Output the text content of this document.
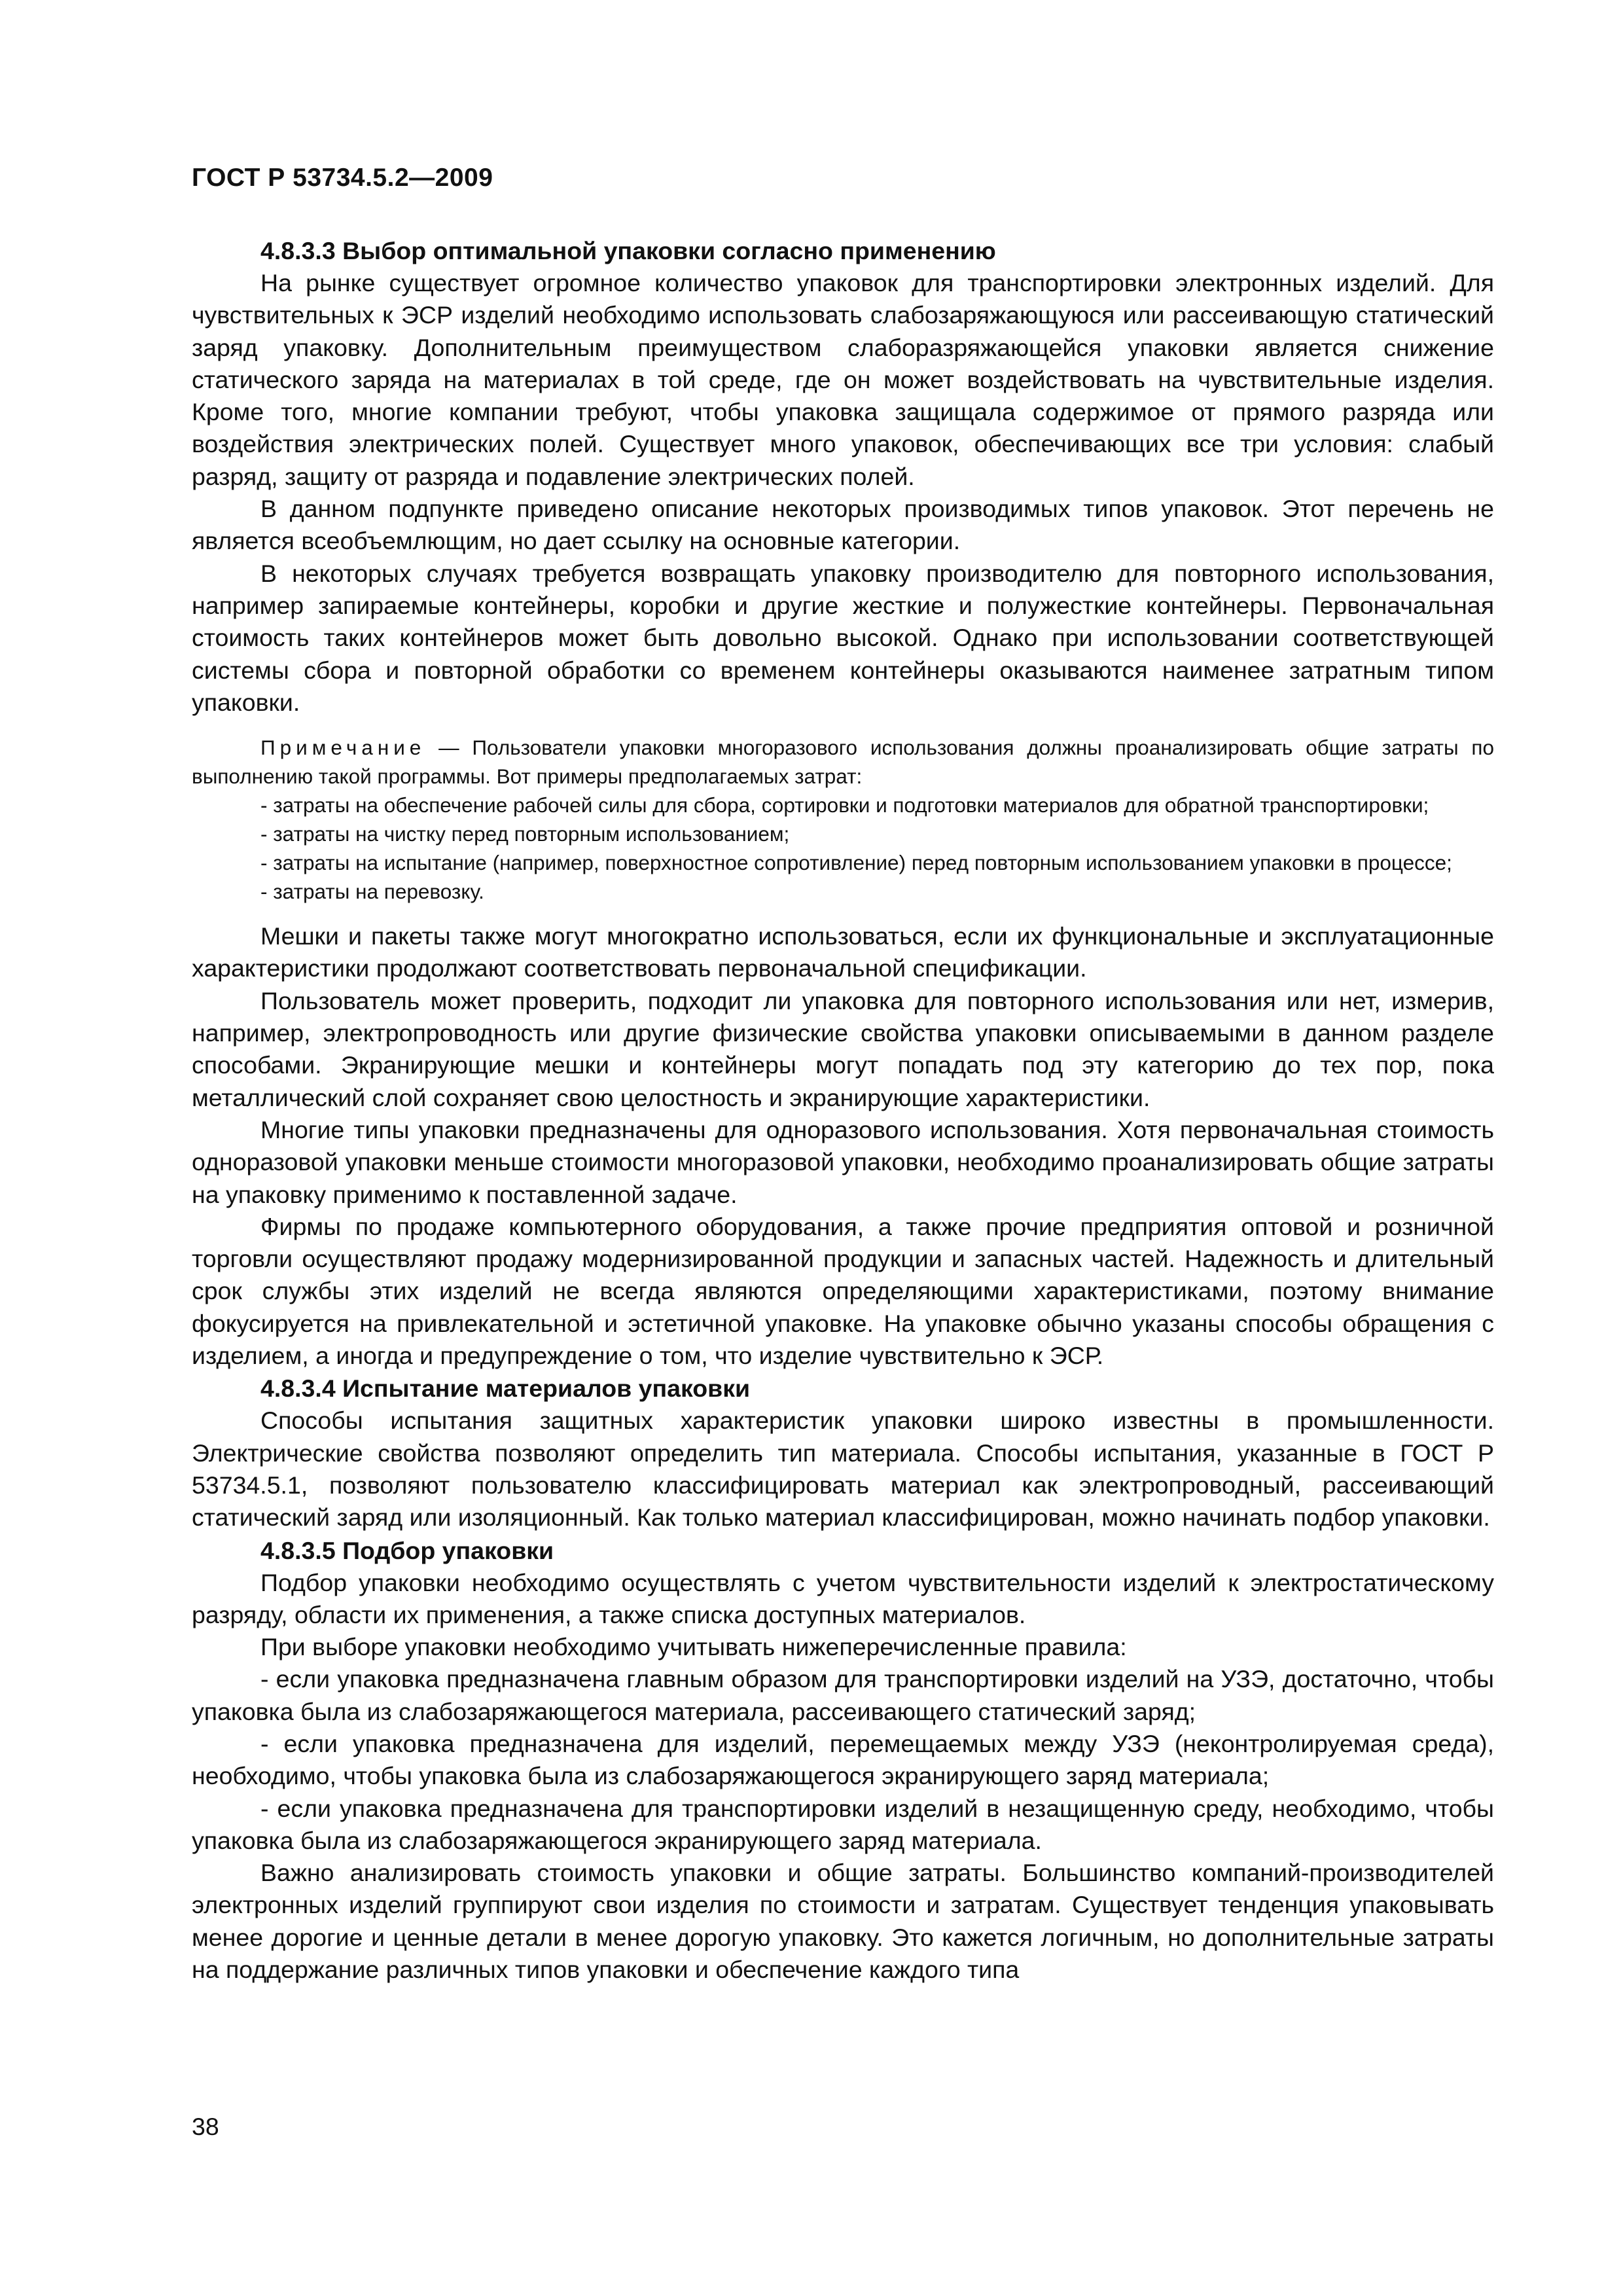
ГОСТ Р 53734.5.2—2009

4.8.3.3 Выбор оптимальной упаковки согласно применению

На рынке существует огромное количество упаковок для транспортировки электронных изделий. Для чувствительных к ЭСР изделий необходимо использовать слабозаряжающуюся или рассеивающую статический заряд упаковку. Дополнительным преимуществом слаборазряжающейся упаковки является снижение статического заряда на материалах в той среде, где он может воздействовать на чувствительные изделия. Кроме того, многие компании требуют, чтобы упаковка защищала содержимое от прямого разряда или воздействия электрических полей. Существует много упаковок, обеспечивающих все три условия: слабый разряд, защиту от разряда и подавление электрических полей.

В данном подпункте приведено описание некоторых производимых типов упаковок. Этот перечень не является всеобъемлющим, но дает ссылку на основные категории.

В некоторых случаях требуется возвращать упаковку производителю для повторного использования, например запираемые контейнеры, коробки и другие жесткие и полужесткие контейнеры. Первоначальная стоимость таких контейнеров может быть довольно высокой. Однако при использовании соответствующей системы сбора и повторной обработки со временем контейнеры оказываются наименее затратным типом упаковки.

Примечание — Пользователи упаковки многоразового использования должны проанализировать общие затраты по выполнению такой программы. Вот примеры предполагаемых затрат:

- затраты на обеспечение рабочей силы для сбора, сортировки и подготовки материалов для обратной транспортировки;

- затраты на чистку перед повторным использованием;

- затраты на испытание (например, поверхностное сопротивление) перед повторным использованием упаковки в процессе;

- затраты на перевозку.

Мешки и пакеты также могут многократно использоваться, если их функциональные и эксплуатационные характеристики продолжают соответствовать первоначальной спецификации.

Пользователь может проверить, подходит ли упаковка для повторного использования или нет, измерив, например, электропроводность или другие физические свойства упаковки описываемыми в данном разделе способами. Экранирующие мешки и контейнеры могут попадать под эту категорию до тех пор, пока металлический слой сохраняет свою целостность и экранирующие характеристики.

Многие типы упаковки предназначены для одноразового использования. Хотя первоначальная стоимость одноразовой упаковки меньше стоимости многоразовой упаковки, необходимо проанализировать общие затраты на упаковку применимо к поставленной задаче.

Фирмы по продаже компьютерного оборудования, а также прочие предприятия оптовой и розничной торговли осуществляют продажу модернизированной продукции и запасных частей. Надежность и длительный срок службы этих изделий не всегда являются определяющими характеристиками, поэтому внимание фокусируется на привлекательной и эстетичной упаковке. На упаковке обычно указаны способы обращения с изделием, а иногда и предупреждение о том, что изделие чувствительно к ЭСР.

4.8.3.4 Испытание материалов упаковки

Способы испытания защитных характеристик упаковки широко известны в промышленности. Электрические свойства позволяют определить тип материала. Способы испытания, указанные в ГОСТ Р 53734.5.1, позволяют пользователю классифицировать материал как электропроводный, рассеивающий статический заряд или изоляционный. Как только материал классифицирован, можно начинать подбор упаковки.

4.8.3.5 Подбор упаковки

Подбор упаковки необходимо осуществлять с учетом чувствительности изделий к электростатическому разряду, области их применения, а также списка доступных материалов.

При выборе упаковки необходимо учитывать нижеперечисленные правила:

- если упаковка предназначена главным образом для транспортировки изделий на УЗЭ, достаточно, чтобы упаковка была из слабозаряжающегося материала, рассеивающего статический заряд;

- если упаковка предназначена для изделий, перемещаемых между УЗЭ (неконтролируемая среда), необходимо, чтобы упаковка была из слабозаряжающегося экранирующего заряд материала;

- если упаковка предназначена для транспортировки изделий в незащищенную среду, необходимо, чтобы упаковка была из слабозаряжающегося экранирующего заряд материала.

Важно анализировать стоимость упаковки и общие затраты. Большинство компаний-производителей электронных изделий группируют свои изделия по стоимости и затратам. Существует тенденция упаковывать менее дорогие и ценные детали в менее дорогую упаковку. Это кажется логичным, но дополнительные затраты на поддержание различных типов упаковки и обеспечение каждого типа

38
